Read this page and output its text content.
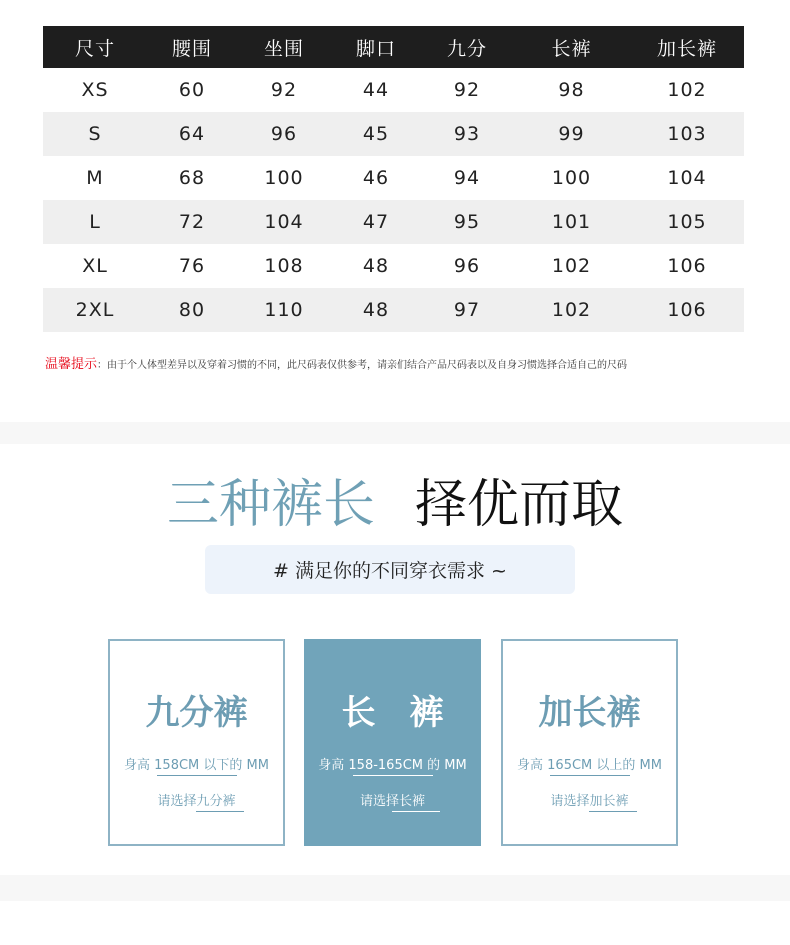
尺寸	腰围	坐围	脚口	九分	长裤	加长裤
XS	60	92	44	92	98	102
S	64	96	45	93	99	103
M	68	100	46	94	100	104
L	72	104	47	95	101	105
XL	76	108	48	96	102	106
2XL	80	110	48	97	102	106
温馨提示：由于个人体型差异以及穿着习惯的不同，此尺码表仅供参考，请亲们结合产品尺码表以及自身习惯选择合适自己的尺码
三种裤长 择优而取
# 满足你的不同穿衣需求 ~
九分裤
身高 158CM 以下的 MM
请选择九分裤
长　裤
身高 158-165CM 的 MM
请选择长裤
加长裤
身高 165CM 以上的 MM
请选择加长裤
